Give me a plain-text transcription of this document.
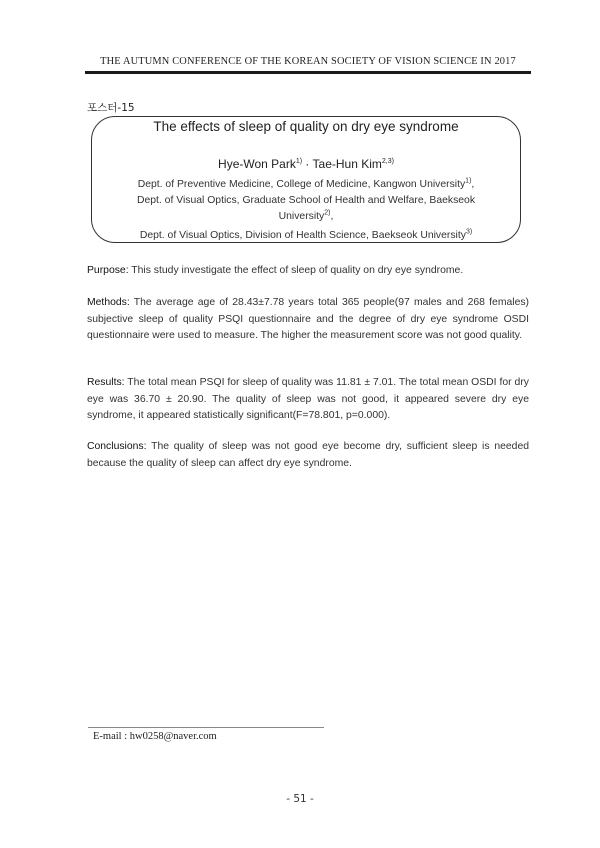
THE AUTUMN CONFERENCE OF THE KOREAN SOCIETY OF VISION SCIENCE IN 2017
포스터-15
The effects of sleep of quality on dry eye syndrome
Hye-Won Park$^{1)}$ · Tae-Hun Kim$^{2,3)}$
Dept. of Preventive Medicine, College of Medicine, Kangwon University$^{1)}$,
Dept. of Visual Optics, Graduate School of Health and Welfare, Baekseok University$^{2)}$,
Dept. of Visual Optics, Division of Health Science, Baekseok University$^{3)}$
Purpose: This study investigate the effect of sleep of quality on dry eye syndrome.
Methods: The average age of 28.43±7.78 years total 365 people(97 males and 268 females) subjective sleep of quality PSQI questionnaire and the degree of dry eye syndrome OSDI questionnaire were used to measure. The higher the measurement score was not good quality.
Results: The total mean PSQI for sleep of quality was 11.81 ± 7.01. The total mean OSDI for dry eye was 36.70 ± 20.90. The quality of sleep was not good, it appeared severe dry eye syndrome, it appeared statistically significant(F=78.801, p=0.000).
Conclusions: The quality of sleep was not good eye become dry, sufficient sleep is needed because the quality of sleep can affect dry eye syndrome.
E-mail : hw0258@naver.com
- 51 -
